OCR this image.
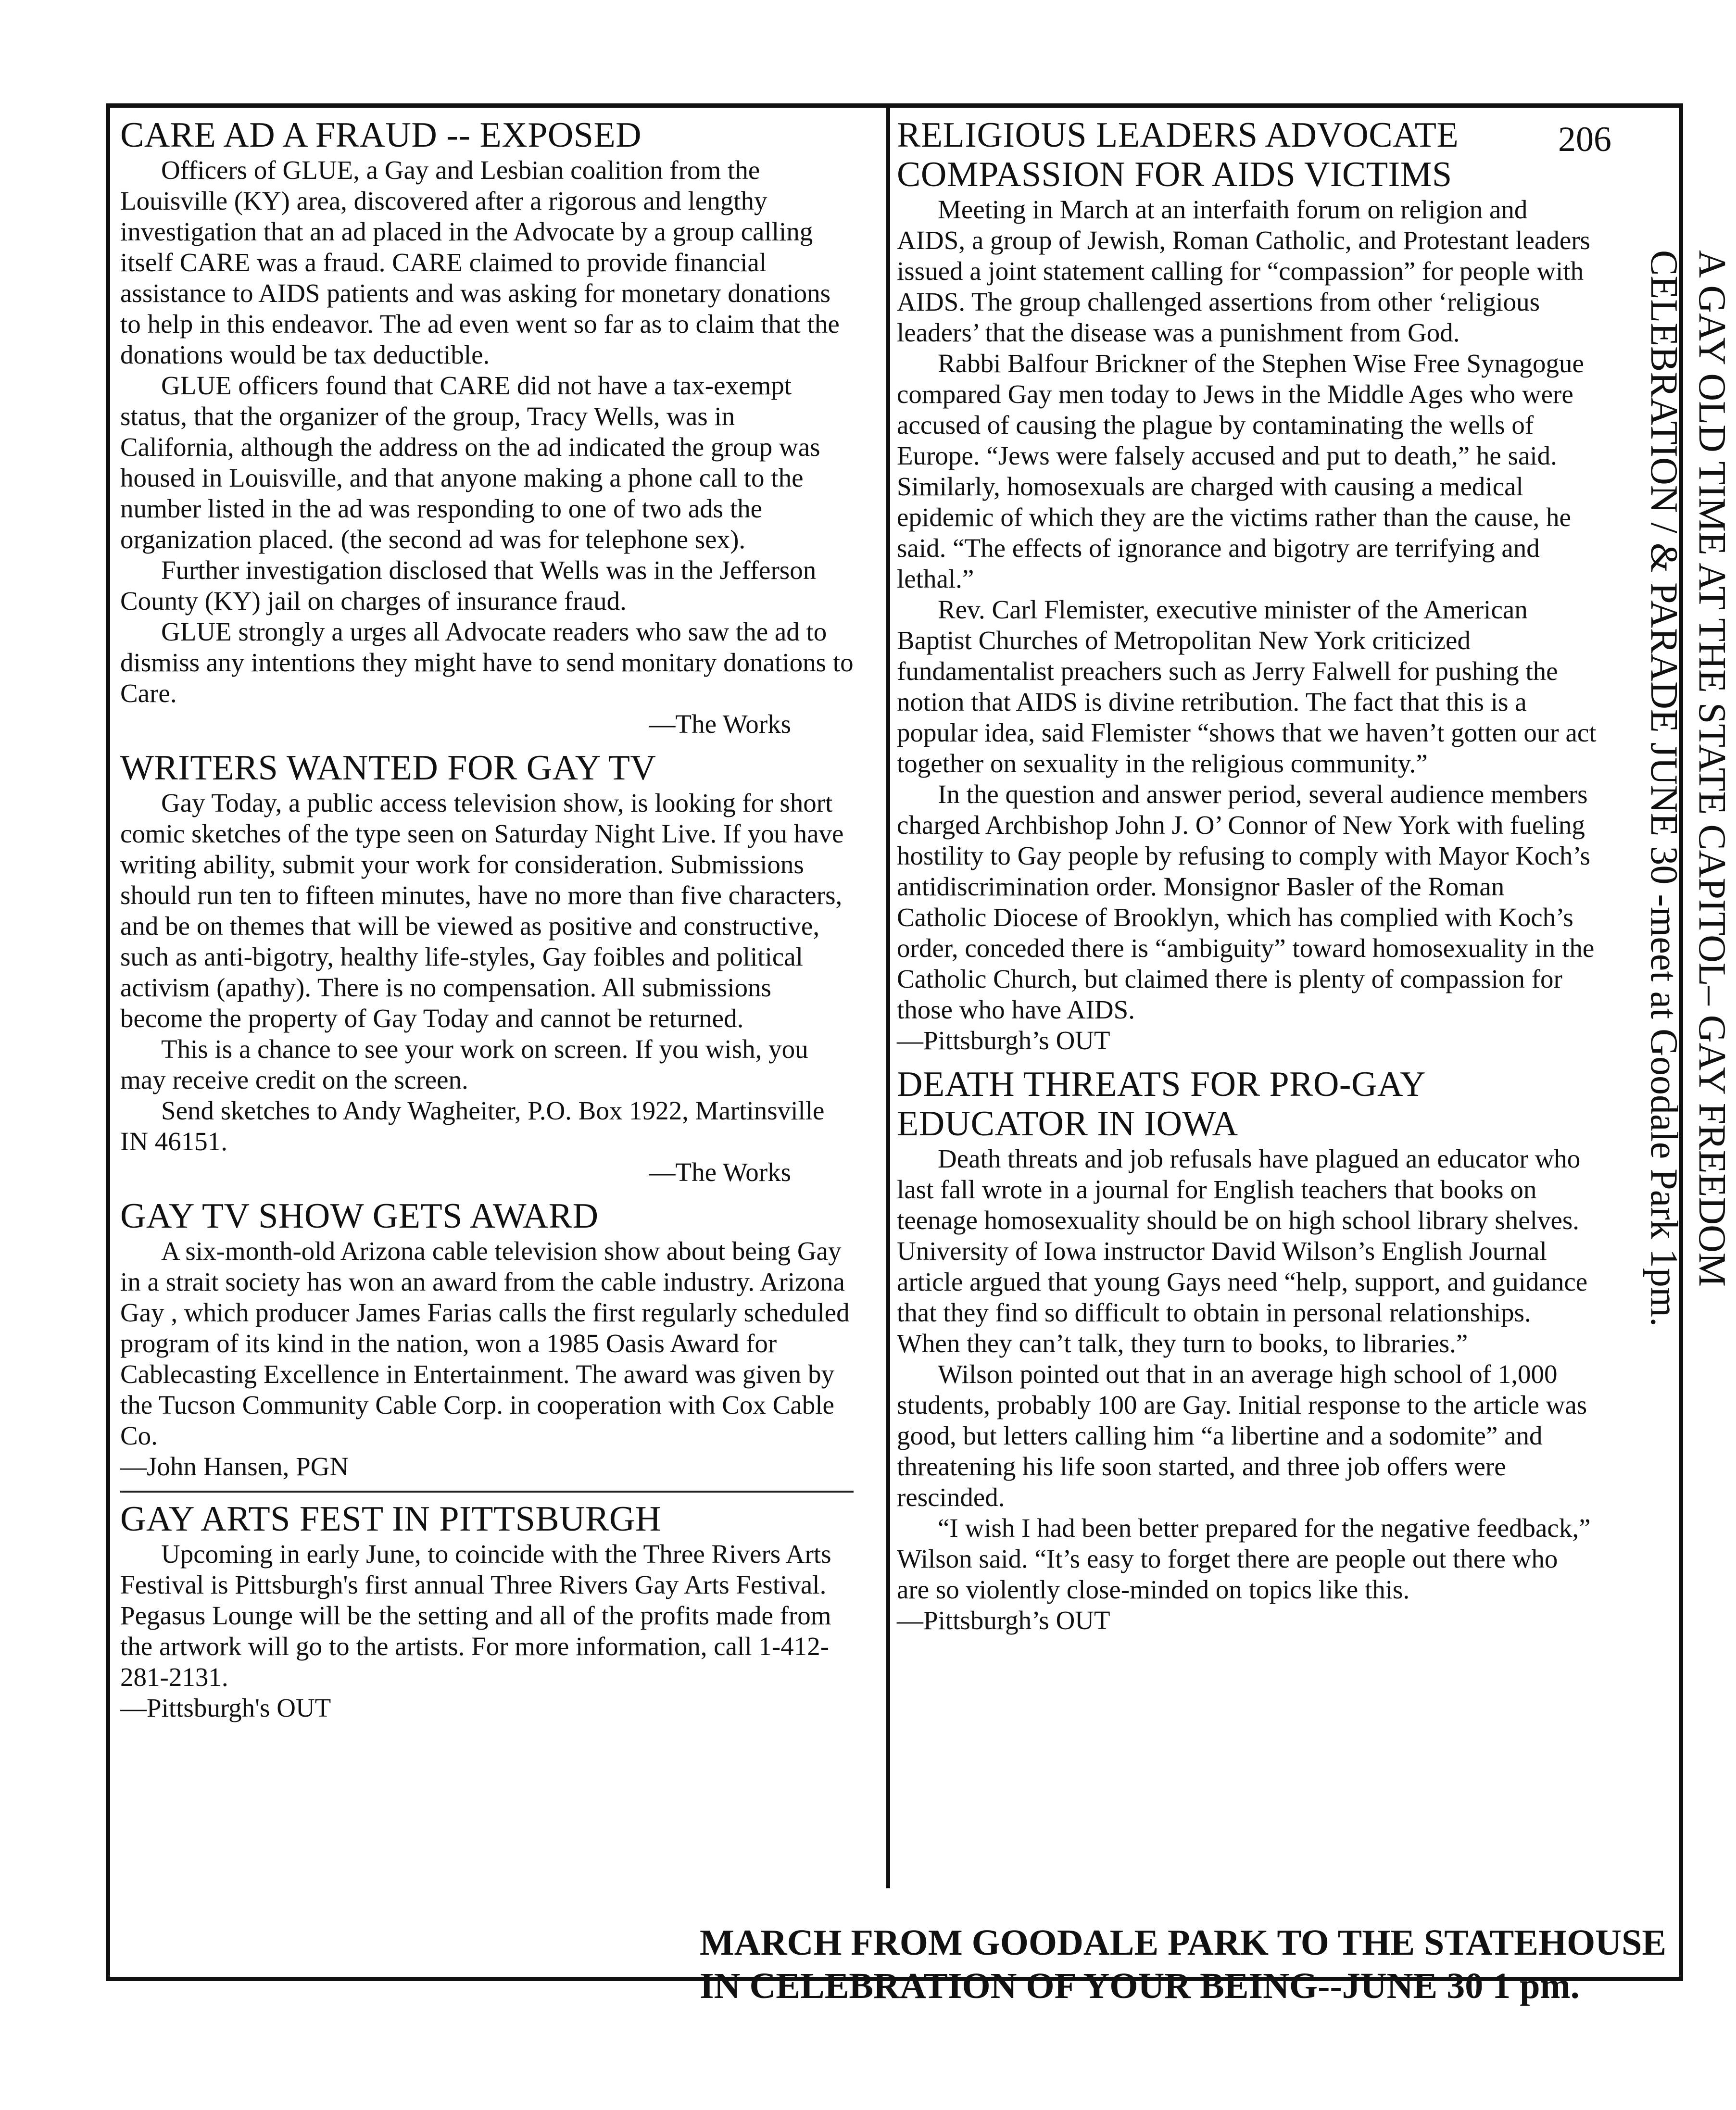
206
CARE AD A FRAUD -- EXPOSED

Officers of GLUE, a Gay and Lesbian coalition from the Louisville (KY) area, discovered after a rigorous and lengthy investigation that an ad placed in the Advocate by a group calling itself CARE was a fraud. CARE claimed to provide financial assistance to AIDS patients and was asking for monetary donations to help in this endeavor. The ad even went so far as to claim that the donations would be tax deductible.

GLUE officers found that CARE did not have a tax-exempt status, that the organizer of the group, Tracy Wells, was in California, although the address on the ad indicated the group was housed in Louisville, and that anyone making a phone call to the number listed in the ad was responding to one of two ads the organization placed. (the second ad was for telephone sex).

Further investigation disclosed that Wells was in the Jefferson County (KY) jail on charges of insurance fraud.

GLUE strongly a urges all Advocate readers who saw the ad to dismiss any intentions they might have to send monitary donations to Care.

—The Works
WRITERS WANTED FOR GAY TV

Gay Today, a public access television show, is looking for short comic sketches of the type seen on Saturday Night Live. If you have writing ability, submit your work for consideration. Submissions should run ten to fifteen minutes, have no more than five characters, and be on themes that will be viewed as positive and constructive, such as anti-bigotry, healthy life-styles, Gay foibles and political activism (apathy). There is no compensation. All submissions become the property of Gay Today and cannot be returned.

This is a chance to see your work on screen. If you wish, you may receive credit on the screen.

Send sketches to Andy Wagheiter, P.O. Box 1922, Martinsville IN 46151.

—The Works
GAY TV SHOW GETS AWARD

A six-month-old Arizona cable television show about being Gay in a strait society has won an award from the cable industry. Arizona Gay , which producer James Farias calls the first regularly scheduled program of its kind in the nation, won a 1985 Oasis Award for Cablecasting Excellence in Entertainment. The award was given by the Tucson Community Cable Corp. in cooperation with Cox Cable Co.

—John Hansen, PGN
GAY ARTS FEST IN PITTSBURGH

Upcoming in early June, to coincide with the Three Rivers Arts Festival is Pittsburgh's first annual Three Rivers Gay Arts Festival. Pegasus Lounge will be the setting and all of the profits made from the artwork will go to the artists. For more information, call 1-412-281-2131.

—Pittsburgh's OUT
RELIGIOUS LEADERS ADVOCATE COMPASSION FOR AIDS VICTIMS

Meeting in March at an interfaith forum on religion and AIDS, a group of Jewish, Roman Catholic, and Protestant leaders issued a joint statement calling for “compassion” for people with AIDS. The group challenged assertions from other ‘religious leaders’ that the disease was a punishment from God.

Rabbi Balfour Brickner of the Stephen Wise Free Synagogue compared Gay men today to Jews in the Middle Ages who were accused of causing the plague by contaminating the wells of Europe. “Jews were falsely accused and put to death,” he said. Similarly, homosexuals are charged with causing a medical epidemic of which they are the victims rather than the cause, he said. “The effects of ignorance and bigotry are terrifying and lethal.”

Rev. Carl Flemister, executive minister of the American Baptist Churches of Metropolitan New York criticized fundamentalist preachers such as Jerry Falwell for pushing the notion that AIDS is divine retribution. The fact that this is a popular idea, said Flemister “shows that we haven’t gotten our act together on sexuality in the religious community.”

In the question and answer period, several audience members charged Archbishop John J. O’ Connor of New York with fueling hostility to Gay people by refusing to comply with Mayor Koch’s antidiscrimination order. Monsignor Basler of the Roman Catholic Diocese of Brooklyn, which has complied with Koch’s order, conceded there is “ambiguity” toward homosexuality in the Catholic Church, but claimed there is plenty of compassion for those who have AIDS.

—Pittsburgh’s OUT
DEATH THREATS FOR PRO-GAY EDUCATOR IN IOWA

Death threats and job refusals have plagued an educator who last fall wrote in a journal for English teachers that books on teenage homosexuality should be on high school library shelves. University of Iowa instructor David Wilson’s English Journal article argued that young Gays need “help, support, and guidance that they find so difficult to obtain in personal relationships. When they can’t talk, they turn to books, to libraries.”

Wilson pointed out that in an average high school of 1,000 students, probably 100 are Gay. Initial response to the article was good, but letters calling him “a libertine and a sodomite” and threatening his life soon started, and three job offers were rescinded.

“I wish I had been better prepared for the negative feedback,” Wilson said. “It’s easy to forget there are people out there who are so violently close-minded on topics like this.

—Pittsburgh’s OUT
A GAY OLD TIME AT THE STATE CAPITOL– GAY FREEDOM
CELEBRATION / & PARADE JUNE 30 -meet at Goodale Park 1pm.
MARCH FROM GOODALE PARK TO THE STATEHOUSE
IN CELEBRATION OF YOUR BEING--JUNE 30 1 pm.
